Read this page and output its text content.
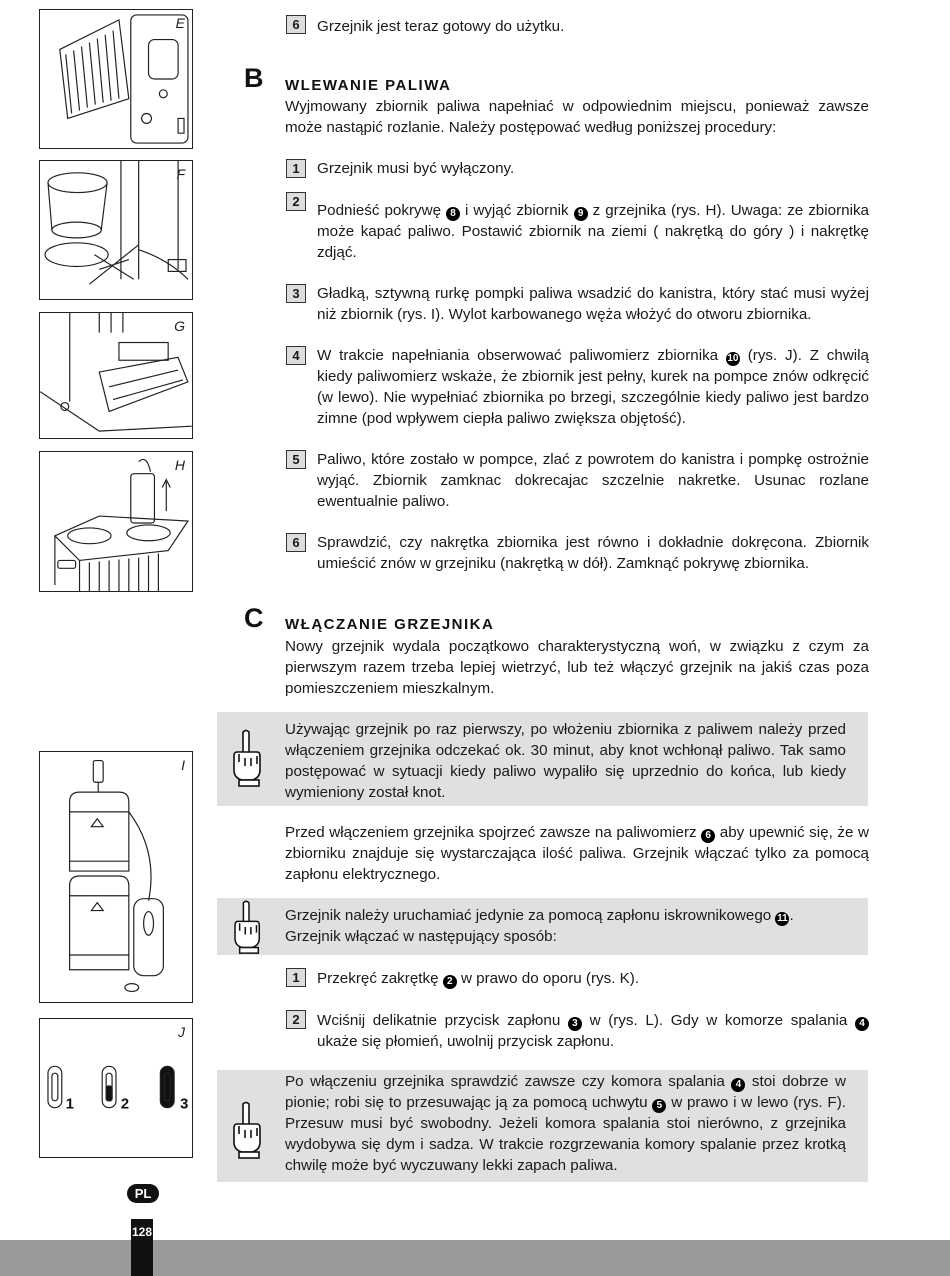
E
F
G
H
I
1	2	3
J
6	Grzejnik jest teraz gotowy do użytku.
B WLEWANIE PALIWA
Wyjmowany zbiornik paliwa napełniać w odpowiednim miejscu, ponieważ zawsze może nastąpić rozlanie. Należy postępować według poniższej procedury:
1	Grzejnik musi być wyłączony.
2
Podnieść pokrywę 8 i wyjąć zbiornik 9 z grzejnika (rys. H). Uwaga: ze zbiornika może kapać paliwo. Postawić zbiornik na ziemi ( nakrętką do góry ) i nakrętkę zdjąć.
3	Gładką, sztywną rurkę pompki paliwa wsadzić do kanistra, który stać musi wyżej niż zbiornik (rys. I). Wylot karbowanego węża włożyć do otworu zbiornika.
4	W trakcie napełniania obserwować paliwomierz zbiornika 10 (rys. J). Z chwilą kiedy paliwomierz wskaże, że zbiornik jest pełny, kurek na pompce znów odkręcić (w lewo). Nie wypełniać zbiornika po brzegi, szczególnie kiedy paliwo jest bardzo zimne (pod wpływem ciepła paliwo zwiększa objętość).
5	Paliwo, które zostało w pompce, zlać z powrotem do kanistra i pompkę ostrożnie wyjąć. Zbiornik zamknac dokrecajac szczelnie nakretke. Usunac rozlane ewentualnie paliwo.
6	Sprawdzić, czy nakrętka zbiornika jest równo i dokładnie dokręcona. Zbiornik umieścić znów w grzejniku (nakrętką w dół). Zamknąć pokrywę zbiornika.
C WŁĄCZANIE GRZEJNIKA
Nowy grzejnik wydala początkowo charakterystyczną woń, w związku z czym za pierwszym razem trzeba lepiej wietrzyć, lub też włączyć grzejnik na jakiś czas poza pomieszczeniem mieszkalnym.
Używając grzejnik po raz pierwszy, po włożeniu zbiornika z paliwem należy przed włączeniem grzejnika odczekać ok. 30 minut, aby knot wchłonął paliwo. Tak samo postępować w sytuacji kiedy paliwo wypaliło się uprzednio do końca, lub kiedy wymieniony został knot.
Przed włączeniem grzejnika spojrzeć zawsze na paliwomierz 6 aby upewnić się, że w zbiorniku znajduje się wystarczająca ilość paliwa. Grzejnik włączać tylko za pomocą zapłonu elektrycznego.
Grzejnik należy uruchamiać jedynie za pomocą zapłonu iskrownikowego 11 .
Grzejnik włączać w następujący sposób:
1	Przekręć zakrętkę 2 w prawo do oporu (rys. K).
2	Wciśnij delikatnie przycisk zapłonu 3 w (rys. L). Gdy w komorze spalania 4 ukaże się płomień, uwolnij przycisk zapłonu.
Po włączeniu grzejnika sprawdzić zawsze czy komora spalania 4 stoi dobrze w pionie; robi się to przesuwając ją za pomocą uchwytu 5 w prawo i w lewo (rys. F). Przesuw musi być swobodny. Jeżeli komora spalania stoi nierówno, z grzejnika wydobywa się dym i sadza. W trakcie rozgrzewania komory spalanie przez krotką chwilę może być wyczuwany lekki zapach paliwa.
PL
128
